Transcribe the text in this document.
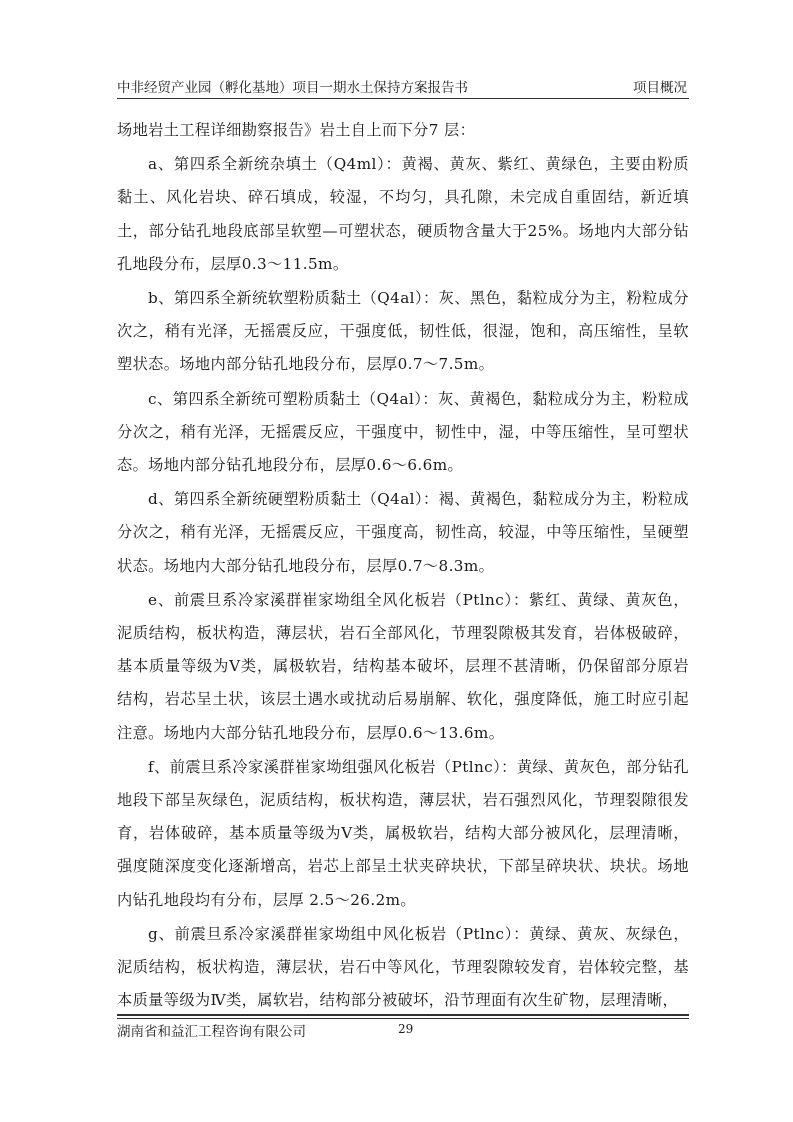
中非经贸产业园（孵化基地）项目一期水土保持方案报告书	项目概况

场地岩土工程详细勘察报告》岩土自上而下分7 层：

a、第四系全新统杂填土（Q4ml）：黄褐、黄灰、紫红、黄绿色，主要由粉质黏土、风化岩块、碎石填成，较湿，不均匀，具孔隙，未完成自重固结，新近填土，部分钻孔地段底部呈软塑—可塑状态，硬质物含量大于25%。场地内大部分钻孔地段分布，层厚0.3～11.5m。

b、第四系全新统软塑粉质黏土（Q4al）：灰、黑色，黏粒成分为主，粉粒成分次之，稍有光泽，无摇震反应，干强度低，韧性低，很湿，饱和，高压缩性，呈软塑状态。场地内部分钻孔地段分布，层厚0.7～7.5m。

c、第四系全新统可塑粉质黏土（Q4al）：灰、黄褐色，黏粒成分为主，粉粒成分次之，稍有光泽，无摇震反应，干强度中，韧性中，湿，中等压缩性，呈可塑状态。场地内部分钻孔地段分布，层厚0.6～6.6m。

d、第四系全新统硬塑粉质黏土（Q4al）：褐、黄褐色，黏粒成分为主，粉粒成分次之，稍有光泽，无摇震反应，干强度高，韧性高，较湿，中等压缩性，呈硬塑状态。场地内大部分钻孔地段分布，层厚0.7～8.3m。

e、前震旦系冷家溪群崔家坳组全风化板岩（Ptlnc）：紫红、黄绿、黄灰色，泥质结构，板状构造，薄层状，岩石全部风化，节理裂隙极其发育，岩体极破碎，基本质量等级为Ⅴ类，属极软岩，结构基本破坏，层理不甚清晰，仍保留部分原岩结构，岩芯呈土状，该层土遇水或扰动后易崩解、软化，强度降低，施工时应引起注意。场地内大部分钻孔地段分布，层厚0.6～13.6m。

f、前震旦系冷家溪群崔家坳组强风化板岩（Ptlnc）：黄绿、黄灰色，部分钻孔地段下部呈灰绿色，泥质结构，板状构造，薄层状，岩石强烈风化，节理裂隙很发育，岩体破碎，基本质量等级为Ⅴ类，属极软岩，结构大部分被风化，层理清晰，强度随深度变化逐渐增高，岩芯上部呈土状夹碎块状，下部呈碎块状、块状。场地内钻孔地段均有分布，层厚 2.5～26.2m。

g、前震旦系冷家溪群崔家坳组中风化板岩（Ptlnc）：黄绿、黄灰、灰绿色，泥质结构，板状构造，薄层状，岩石中等风化，节理裂隙较发育，岩体较完整，基本质量等级为Ⅳ类，属软岩，结构部分被破坏，沿节理面有次生矿物，层理清晰，

湖南省和益汇工程咨询有限公司	29
